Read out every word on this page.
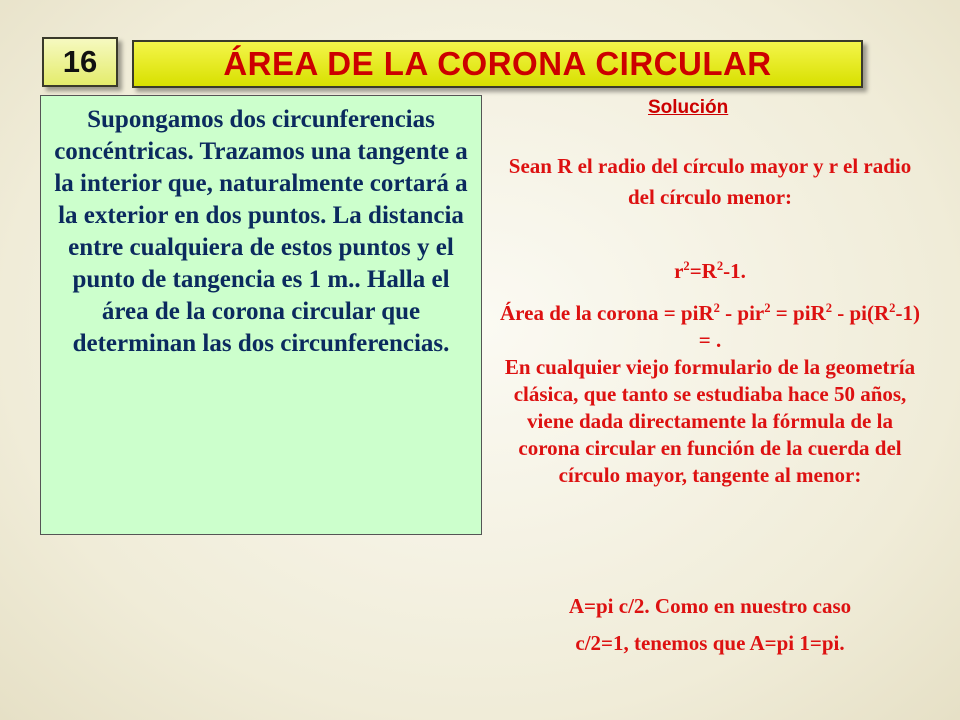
16	ÁREA DE LA CORONA CIRCULAR
Supongamos dos circunferencias concéntricas. Trazamos una tangente a la interior que, naturalmente cortará a la exterior en dos puntos. La distancia entre cualquiera de estos puntos y el punto de tangencia es 1 m.. Halla el área de la corona circular que determinan las dos circunferencias.
Solución
Sean R el radio del círculo mayor y r el radio del círculo menor:
$r^2=R^2-1$.
Área de la corona = $piR^2 - pir^2 = piR^2 - pi(R^2-1)$ = .
En cualquier viejo formulario de la geometría clásica, que tanto se estudiaba hace 50 años, viene dada directamente la fórmula de la corona circular en función de la cuerda del círculo mayor, tangente al menor:
A=pi c/2. Como en nuestro caso
c/2=1, tenemos que A=pi 1=pi.
